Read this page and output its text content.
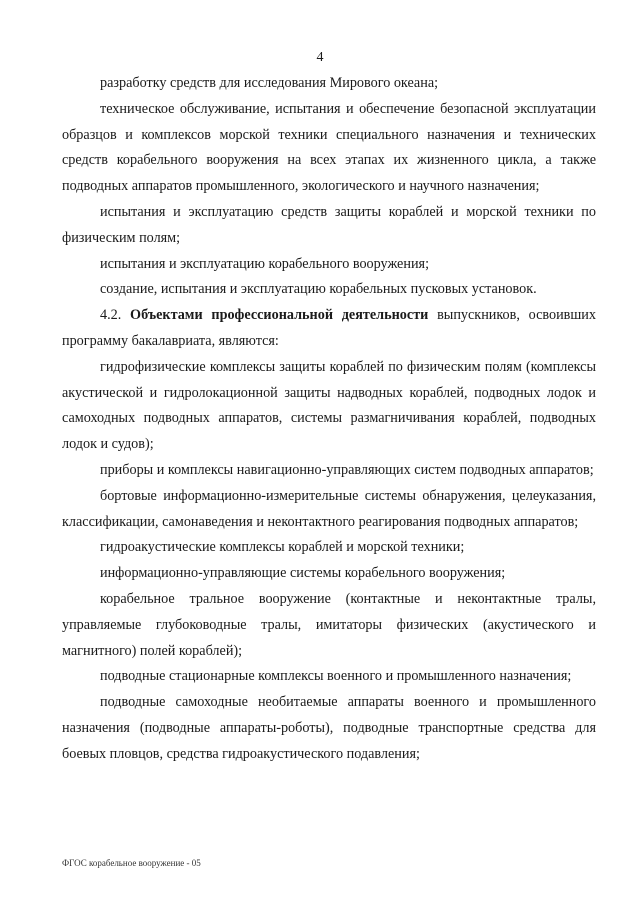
4

разработку средств для исследования Мирового океана;

техническое обслуживание, испытания и обеспечение безопасной эксплуатации образцов и комплексов морской техники специального назначения и технических средств корабельного вооружения на всех этапах их жизненного цикла, а также подводных аппаратов промышленного, экологического и научного назначения;

испытания и эксплуатацию средств защиты кораблей и морской техники по физическим полям;

испытания и эксплуатацию корабельного вооружения;

создание, испытания и эксплуатацию корабельных пусковых установок.

4.2. Объектами профессиональной деятельности выпускников, освоивших программу бакалавриата, являются:

гидрофизические комплексы защиты кораблей по физическим полям (комплексы акустической и гидролокационной защиты надводных кораблей, подводных лодок и самоходных подводных аппаратов, системы размагничивания кораблей, подводных лодок и судов);

приборы и комплексы навигационно-управляющих систем подводных аппаратов;

бортовые информационно-измерительные системы обнаружения, целеуказания, классификации, самонаведения и неконтактного реагирования подводных аппаратов;

гидроакустические комплексы кораблей и морской техники;

информационно-управляющие системы корабельного вооружения;

корабельное тральное вооружение (контактные и неконтактные тралы, управляемые глубоководные тралы, имитаторы физических (акустического и магнитного) полей кораблей);

подводные стационарные комплексы военного и промышленного назначения;

подводные самоходные необитаемые аппараты военного и промышленного назначения (подводные аппараты-роботы), подводные транспортные средства для боевых пловцов, средства гидроакустического подавления;

ФГОС корабельное вооружение - 05
